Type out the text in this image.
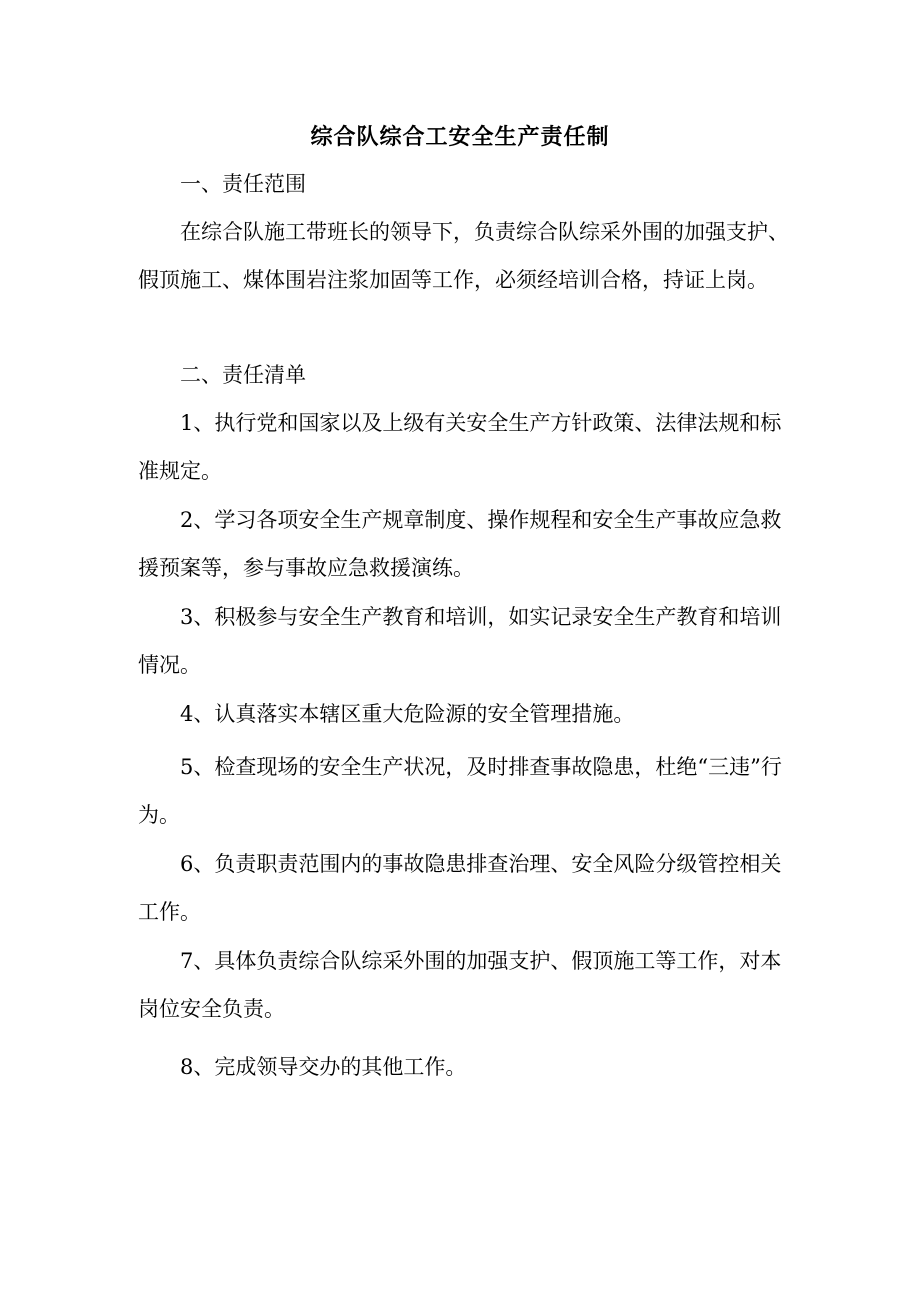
综合队综合工安全生产责任制

一、责任范围

在综合队施工带班长的领导下，负责综合队综采外围的加强支护、假顶施工、煤体围岩注浆加固等工作，必须经培训合格，持证上岗。

二、责任清单

1、执行党和国家以及上级有关安全生产方针政策、法律法规和标准规定。

2、学习各项安全生产规章制度、操作规程和安全生产事故应急救援预案等，参与事故应急救援演练。

3、积极参与安全生产教育和培训，如实记录安全生产教育和培训情况。

4、认真落实本辖区重大危险源的安全管理措施。

5、检查现场的安全生产状况，及时排查事故隐患，杜绝“三违”行为。

6、负责职责范围内的事故隐患排查治理、安全风险分级管控相关工作。

7、具体负责综合队综采外围的加强支护、假顶施工等工作，对本岗位安全负责。

8、完成领导交办的其他工作。
